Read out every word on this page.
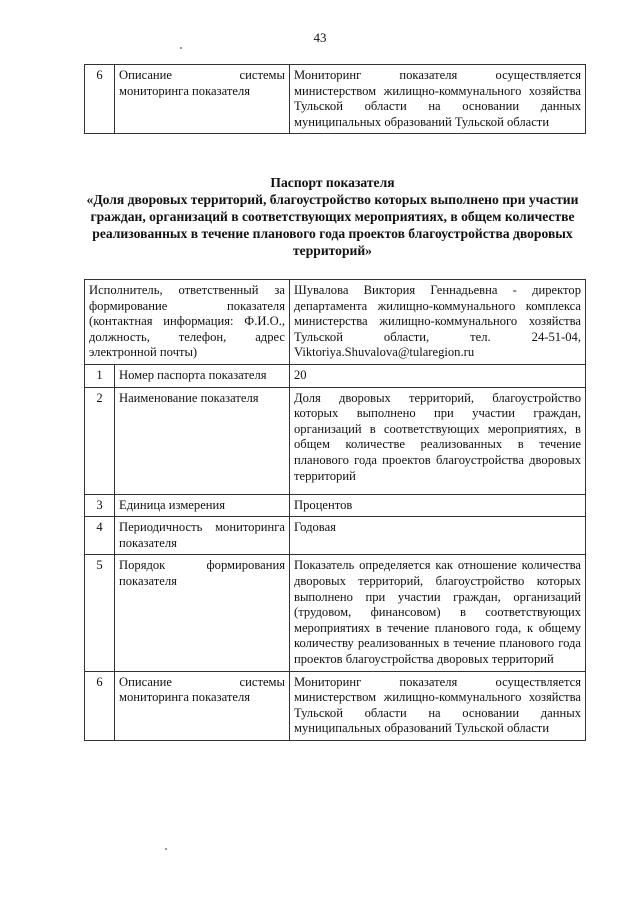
43
6	Описание системы мониторинга показателя	Мониторинг показателя осуществляется министерством жилищно-коммунального хозяйства Тульской области на основании данных муниципальных образований Тульской области
Паспорт показателя
«Доля дворовых территорий, благоустройство которых выполнено при участии граждан, организаций в соответствующих мероприятиях, в общем количестве реализованных в течение планового года проектов благоустройства дворовых территорий»
Исполнитель, ответственный за формирование показателя (контактная информация: Ф.И.О., должность, телефон, адрес электронной почты)		Шувалова Виктория Геннадьевна - директор департамента жилищно-коммунального комплекса министерства жилищно-коммунального хозяйства Тульской области, тел. 24-51-04, Viktoriya.Shuvalova@tularegion.ru
1	Номер паспорта показателя	20
2	Наименование показателя	Доля дворовых территорий, благоустройство которых выполнено при участии граждан, организаций в соответствующих мероприятиях, в общем количестве реализованных в течение планового года проектов благоустройства дворовых территорий
3	Единица измерения	Процентов
4	Периодичность мониторинга показателя	Годовая
5	Порядок формирования показателя	Показатель определяется как отношение количества дворовых территорий, благоустройство которых выполнено при участии граждан, организаций (трудовом, финансовом) в соответствующих мероприятиях в течение планового года, к общему количеству реализованных в течение планового года проектов благоустройства дворовых территорий
6	Описание системы мониторинга показателя	Мониторинг показателя осуществляется министерством жилищно-коммунального хозяйства Тульской области на основании данных муниципальных образований Тульской области
